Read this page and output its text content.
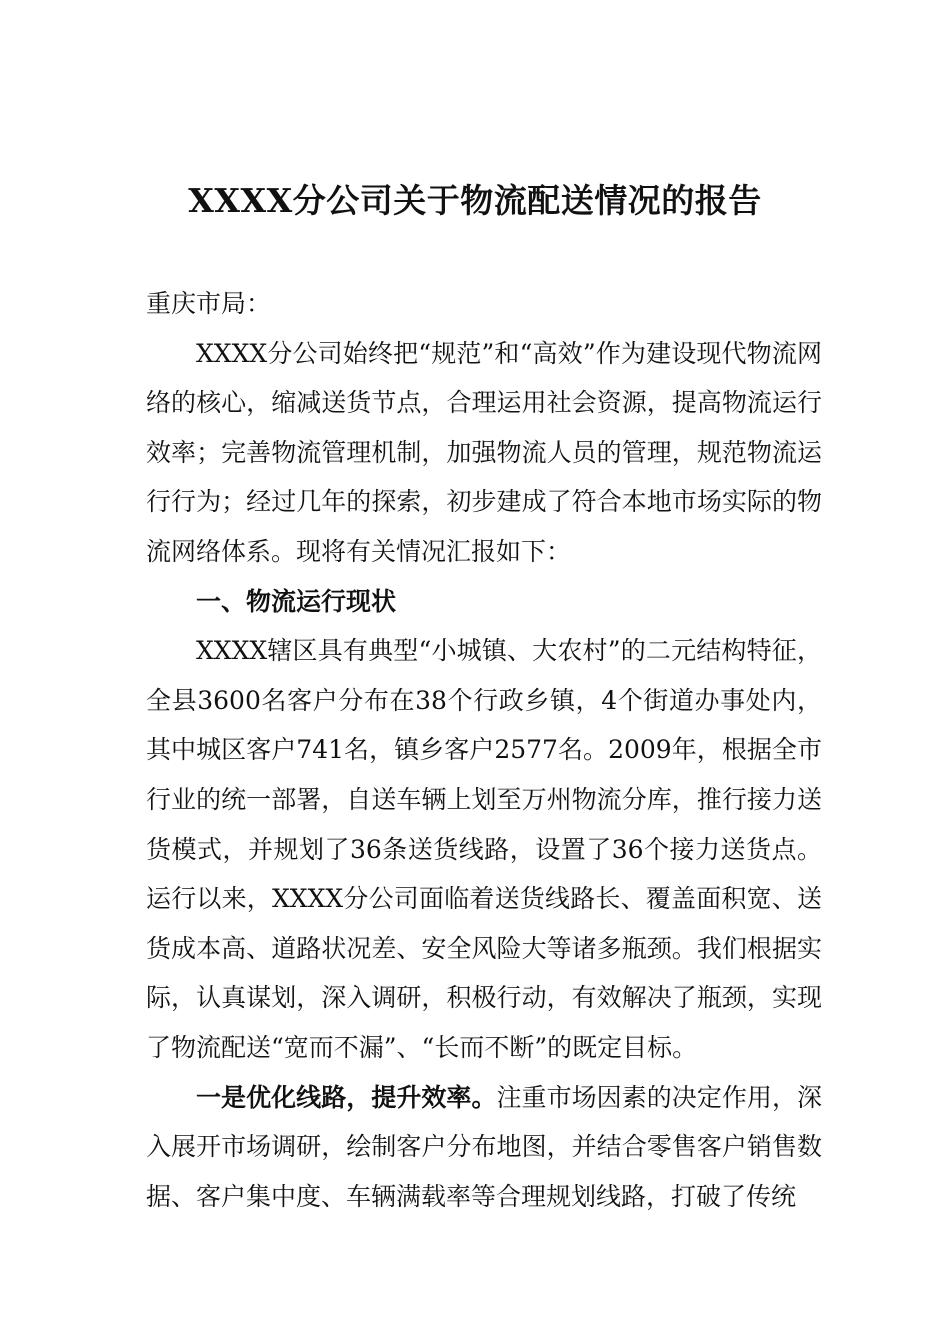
XXXX分公司关于物流配送情况的报告

重庆市局：

XXXX分公司始终把“规范”和“高效”作为建设现代物流网络的核心，缩减送货节点，合理运用社会资源，提高物流运行效率；完善物流管理机制，加强物流人员的管理，规范物流运行行为；经过几年的探索，初步建成了符合本地市场实际的物流网络体系。现将有关情况汇报如下：

一、物流运行现状

XXXX辖区具有典型“小城镇、大农村”的二元结构特征，全县3600名客户分布在38个行政乡镇，4个街道办事处内，其中城区客户741名，镇乡客户2577名。2009年，根据全市行业的统一部署，自送车辆上划至万州物流分库，推行接力送货模式，并规划了36条送货线路，设置了36个接力送货点。运行以来，XXXX分公司面临着送货线路长、覆盖面积宽、送货成本高、道路状况差、安全风险大等诸多瓶颈。我们根据实际，认真谋划，深入调研，积极行动，有效解决了瓶颈，实现了物流配送“宽而不漏”、“长而不断”的既定目标。

一是优化线路，提升效率。注重市场因素的决定作用，深入展开市场调研，绘制客户分布地图，并结合零售客户销售数据、客户集中度、车辆满载率等合理规划线路，打破了传统
